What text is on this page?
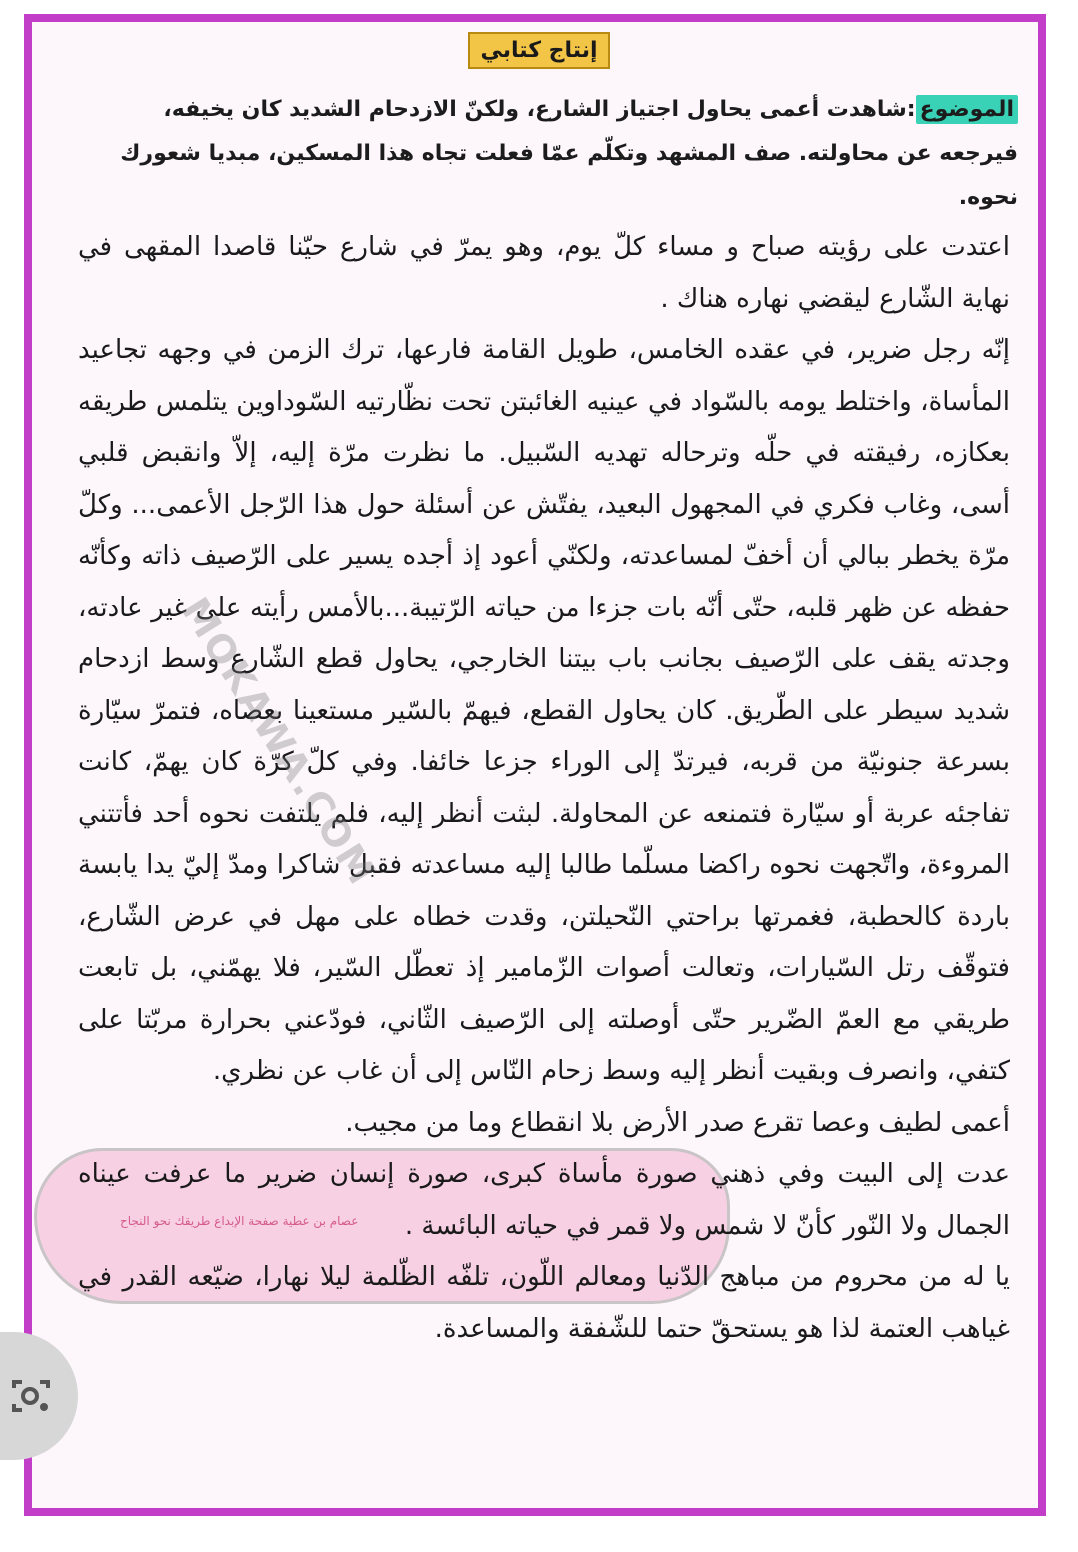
إنتاج كتابي
الموضوع:شاهدت أعمى يحاول اجتياز الشارع، ولكنّ الازدحام الشديد كان يخيفه، فيرجعه عن محاولته. صف المشهد وتكلّم عمّا فعلت تجاه هذا المسكين، مبديا شعورك نحوه.

اعتدت على رؤيته صباح و مساء كلّ يوم، وهو يمرّ في شارع حيّنا قاصدا المقهى في نهاية الشّارع ليقضي نهاره هناك .

إنّه رجل ضرير، في عقده الخامس، طويل القامة فارعها، ترك الزمن في وجهه تجاعيد المأساة، واختلط يومه بالسّواد في عينيه الغائبتن تحت نظّارتيه السّوداوين يتلمس طريقه بعكازه، رفيقته في حلّه وترحاله تهديه السّبيل. ما نظرت مرّة إليه، إلاّ وانقبض قلبي أسى، وغاب فكري في المجهول البعيد، يفتّش عن أسئلة حول هذا الرّجل الأعمى... وكلّ مرّة يخطر ببالي أن أخفّ لمساعدته، ولكنّي أعود إذ أجده يسير على الرّصيف ذاته وكأنّه حفظه عن ظهر قلبه، حتّى أنّه بات جزءا من حياته الرّتيبة...بالأمس رأيته على غير عادته، وجدته يقف على الرّصيف بجانب باب بيتنا الخارجي، يحاول قطع الشّارع وسط ازدحام شديد سيطر على الطّريق. كان يحاول القطع، فيهمّ بالسّير مستعينا بعصاه، فتمرّ سيّارة بسرعة جنونيّة من قربه، فيرتدّ إلى الوراء جزعا خائفا. وفي كلّ كرّة كان يهمّ، كانت تفاجئه عربة أو سيّارة فتمنعه عن المحاولة. لبثت أنظر إليه، فلم يلتفت نحوه أحد فأتتني المروءة، واتّجهت نحوه راكضا مسلّما طالبا إليه مساعدته فقبل شاكرا ومدّ إليّ يدا يابسة باردة كالحطبة، فغمرتها براحتي النّحيلتن، وقدت خطاه على مهل في عرض الشّارع، فتوقّف رتل السّيارات، وتعالت أصوات الزّمامير إذ تعطّل السّير، فلا يهمّني، بل تابعت طريقي مع العمّ الضّرير حتّى أوصلته إلى الرّصيف الثّاني، فودّعني بحرارة مربّتا على كتفي، وانصرف وبقيت أنظر إليه وسط زحام النّاس إلى أن غاب عن نظري.

أعمى لطيف وعصا تقرع صدر الأرض بلا انقطاع وما من مجيب.

عدت إلى البيت وفي ذهني صورة مأساة كبرى، صورة إنسان ضرير ما عرفت عيناه الجمال ولا النّور كأنّ لا شمس ولا قمر في حياته البائسة .

يا له من محروم من مباهج الدّنيا ومعالم اللّون، تلفّه الظّلمة ليلا نهارا، ضيّعه القدر في غياهب العتمة لذا هو يستحقّ حتما للشّفقة والمساعدة.

عصام بن عطية صفحة الإبداع طريقك نحو النجاح
MOKAWA.COM
